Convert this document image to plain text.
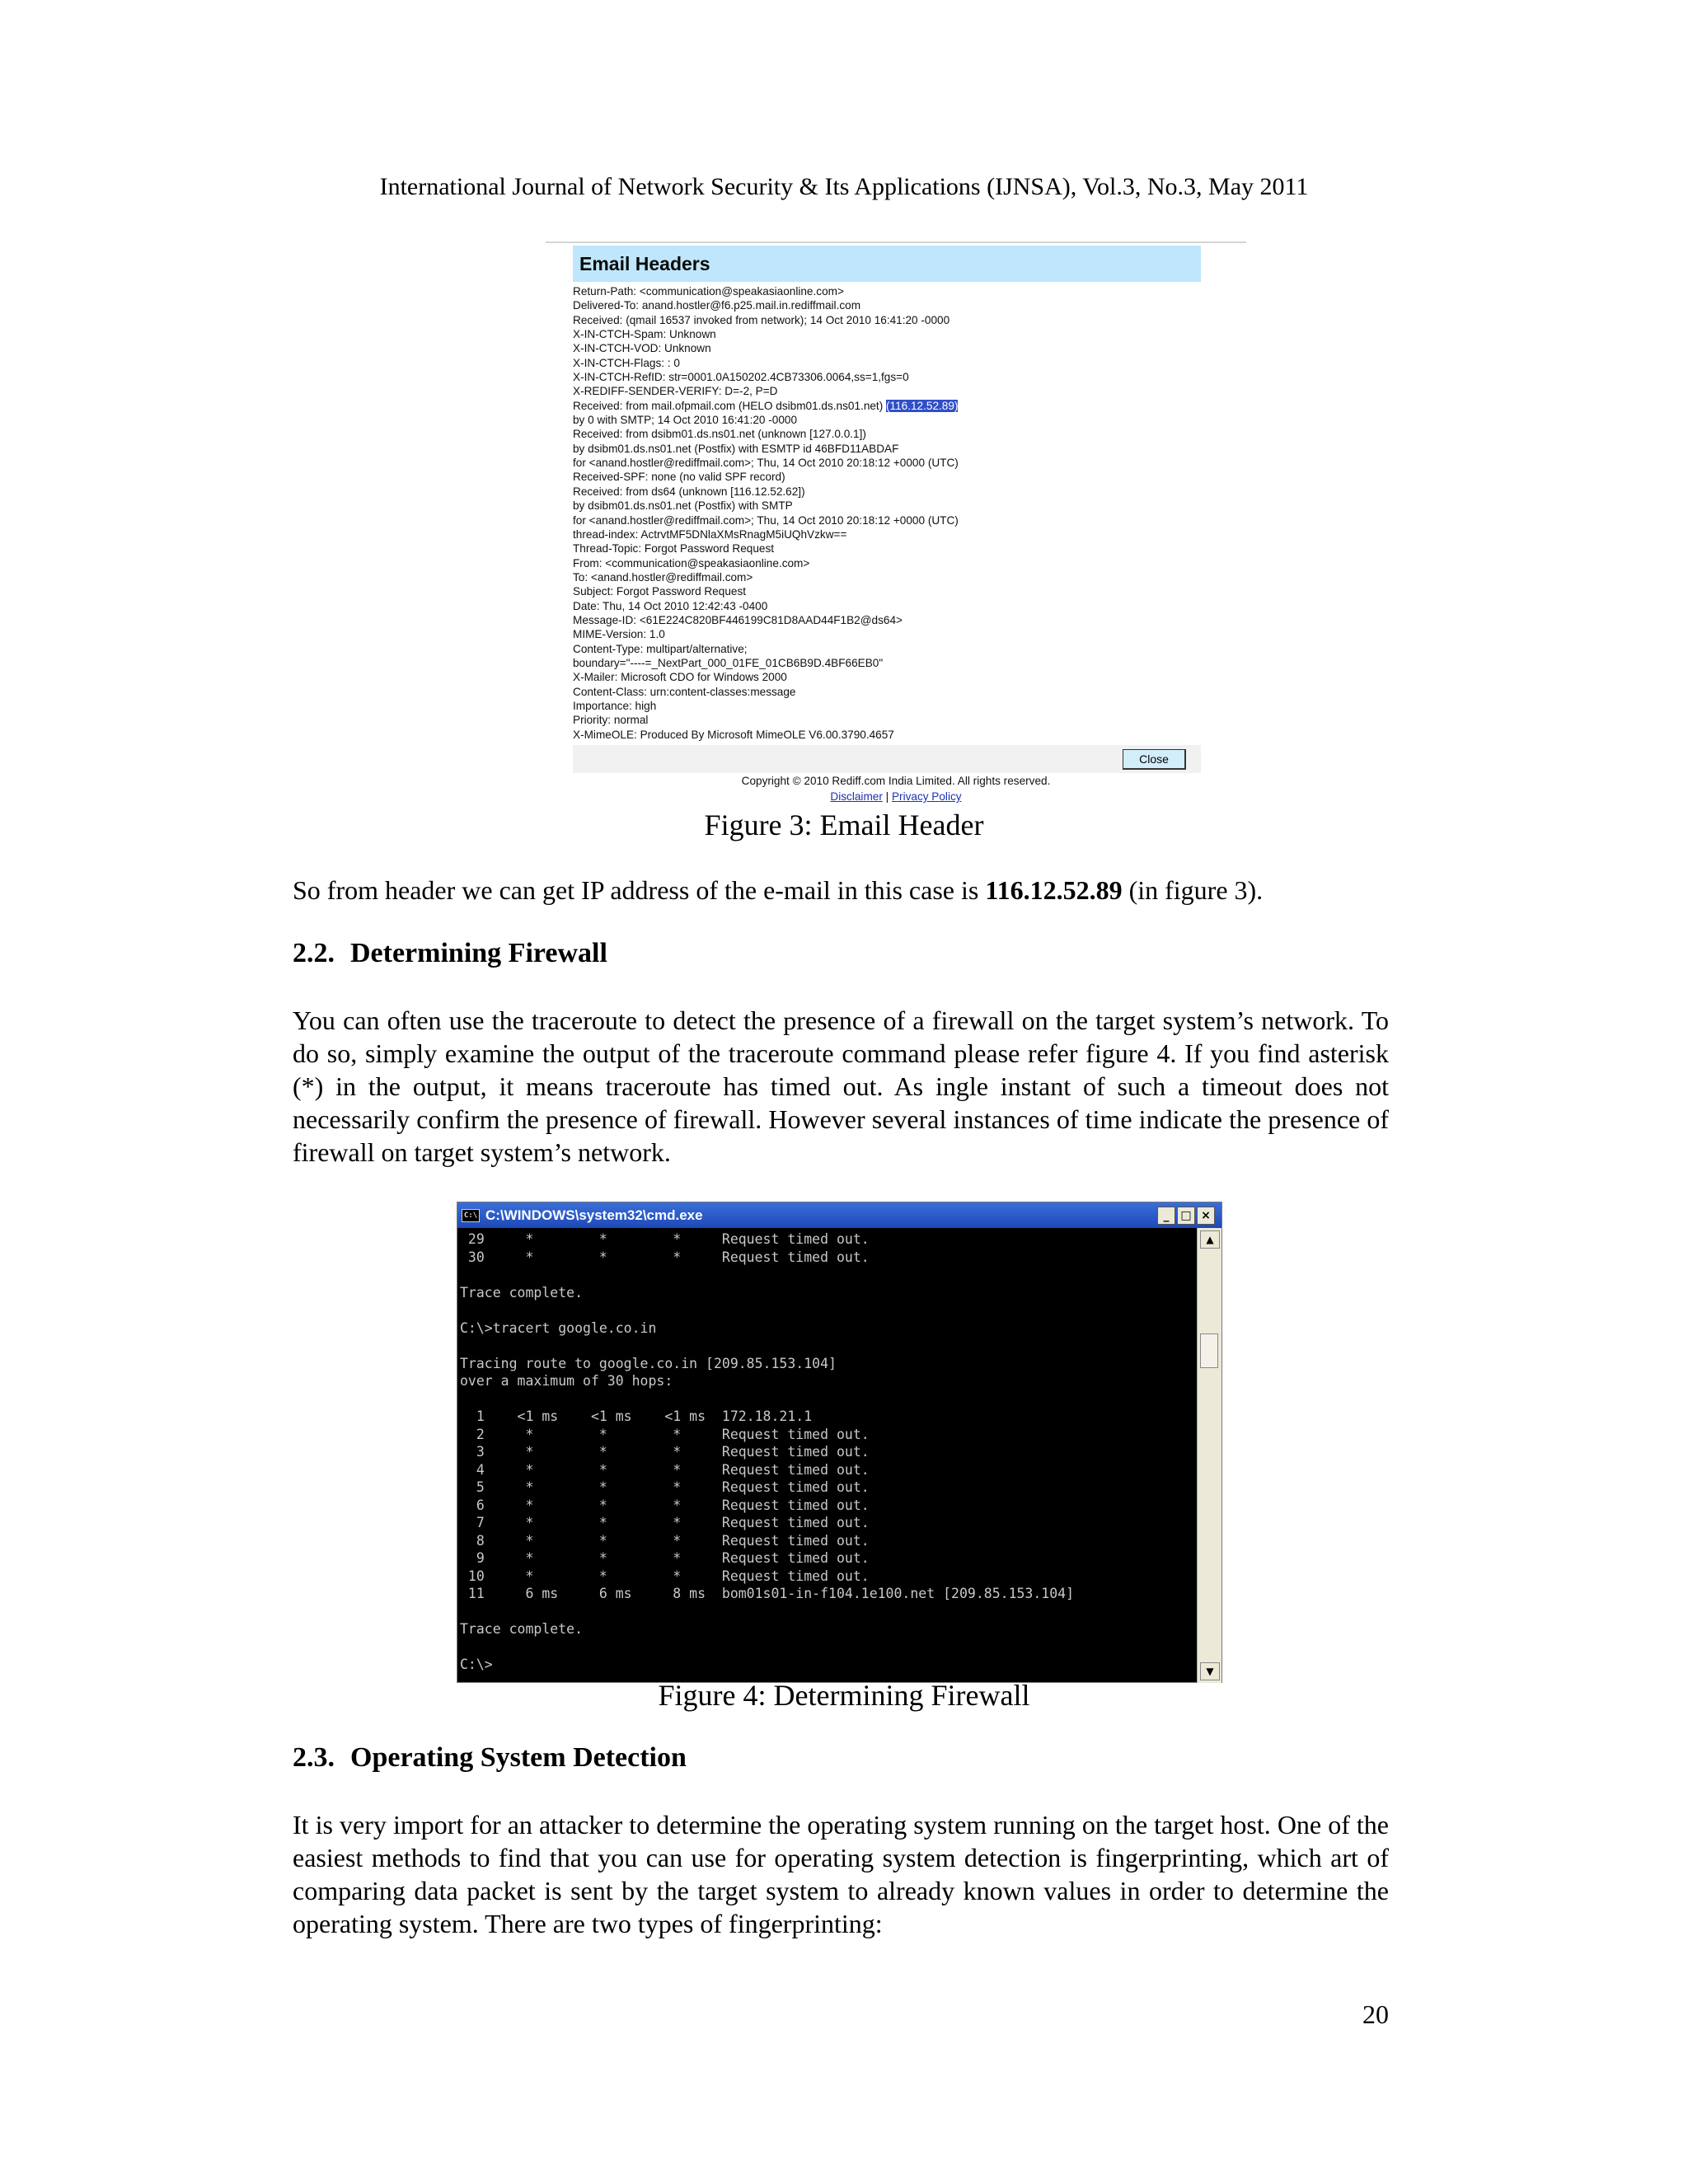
International Journal of Network Security & Its Applications (IJNSA), Vol.3, No.3, May 2011
Email Headers
Return-Path: <communication@speakasiaonline.com>
Delivered-To: anand.hostler@f6.p25.mail.in.rediffmail.com
Received: (qmail 16537 invoked from network); 14 Oct 2010 16:41:20 -0000
X-IN-CTCH-Spam: Unknown
X-IN-CTCH-VOD: Unknown
X-IN-CTCH-Flags: : 0
X-IN-CTCH-RefID: str=0001.0A150202.4CB73306.0064,ss=1,fgs=0
X-REDIFF-SENDER-VERIFY: D=-2, P=D
Received: from mail.ofpmail.com (HELO dsibm01.ds.ns01.net) (116.12.52.89)
by 0 with SMTP; 14 Oct 2010 16:41:20 -0000
Received: from dsibm01.ds.ns01.net (unknown [127.0.0.1])
by dsibm01.ds.ns01.net (Postfix) with ESMTP id 46BFD11ABDAF
for <anand.hostler@rediffmail.com>; Thu, 14 Oct 2010 20:18:12 +0000 (UTC)
Received-SPF: none (no valid SPF record)
Received: from ds64 (unknown [116.12.52.62])
by dsibm01.ds.ns01.net (Postfix) with SMTP
for <anand.hostler@rediffmail.com>; Thu, 14 Oct 2010 20:18:12 +0000 (UTC)
thread-index: ActrvtMF5DNlaXMsRnagM5iUQhVzkw==
Thread-Topic: Forgot Password Request
From: <communication@speakasiaonline.com>
To: <anand.hostler@rediffmail.com>
Subject: Forgot Password Request
Date: Thu, 14 Oct 2010 12:42:43 -0400
Message-ID: <61E224C820BF446199C81D8AAD44F1B2@ds64>
MIME-Version: 1.0
Content-Type: multipart/alternative;
boundary="----=_NextPart_000_01FE_01CB6B9D.4BF66EB0"
X-Mailer: Microsoft CDO for Windows 2000
Content-Class: urn:content-classes:message
Importance: high
Priority: normal
X-MimeOLE: Produced By Microsoft MimeOLE V6.00.3790.4657
Close
Copyright © 2010 Rediff.com India Limited. All rights reserved.
Disclaimer | Privacy Policy
Figure 3: Email Header

So from header we can get IP address of the e-mail in this case is 116.12.52.89 (in figure 3).

2.2. Determining Firewall

You can often use the traceroute to detect the presence of a firewall on the target system’s network. To do so, simply examine the output of the traceroute command please refer figure 4. If you find asterisk (*) in the output, it means traceroute has timed out. As ingle instant of such a timeout does not necessarily confirm the presence of firewall. However several instances of time indicate the presence of firewall on target system’s network.

C:\ C:\WINDOWS\system32\cmd.exe	_ □ ×
29     *        *        *     Request timed out.
30     *        *        *     Request timed out.
Trace complete.
C:\>tracert google.co.in
Tracing route to google.co.in [209.85.153.104]
over a maximum of 30 hops:
1    <1 ms    <1 ms    <1 ms  172.18.21.1
2     *        *        *     Request timed out.
3     *        *        *     Request timed out.
4     *        *        *     Request timed out.
5     *        *        *     Request timed out.
6     *        *        *     Request timed out.
7     *        *        *     Request timed out.
8     *        *        *     Request timed out.
9     *        *        *     Request timed out.
10     *        *        *     Request timed out.
11     6 ms     6 ms     8 ms  bom01s01-in-f104.1e100.net [209.85.153.104]
Trace complete.
C:\>
▲
▼
Figure 4: Determining Firewall
2.3. Operating System Detection

It is very import for an attacker to determine the operating system running on the target host. One of the easiest methods to find that you can use for operating system detection is fingerprinting, which art of comparing data packet is sent by the target system to already known values in order to determine the operating system. There are two types of fingerprinting:

20
